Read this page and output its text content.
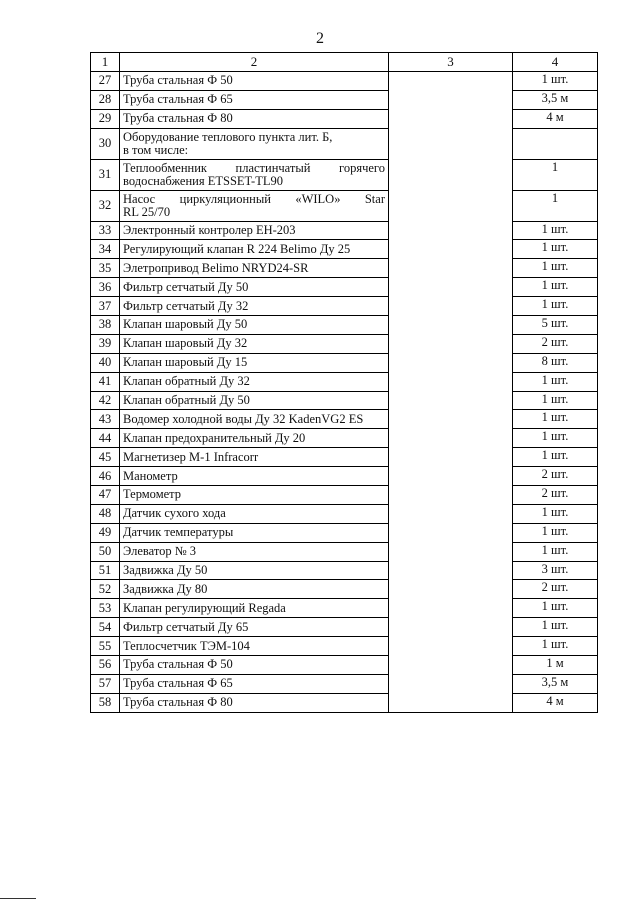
2
1	2	3	4
27	Труба стальная Ф 50		1 шт.
28	Труба стальная Ф 65		3,5 м
29	Труба стальная Ф 80		4 м
30	Оборудование теплового пункта лит. Б,
в том числе:		

31	Теплообменник пластинчатый горячего
водоснабжения ETSSET-TL90		1
32	Насос циркуляционный «WILO» Star
RL 25/70		1
33	Электронный контролер ЕН-203		1 шт.
34	Регулирующий клапан R 224 Belimo Ду 25		1 шт.
35	Элетропривод Belimo NRYD24-SR		1 шт.
36	Фильтр сетчатый Ду 50		1 шт.
37	Фильтр сетчатый Ду 32		1 шт.
38	Клапан шаровый Ду 50		5 шт.
39	Клапан шаровый Ду 32		2 шт.
40	Клапан шаровый Ду 15		8 шт.
41	Клапан обратный Ду 32		1 шт.
42	Клапан обратный Ду 50		1 шт.
43	Водомер холодной воды Ду 32 KadenVG2 ES		1 шт.
44	Клапан предохранительный Ду 20		1 шт.
45	Магнетизер М-1 Infracorr		1 шт.
46	Манометр		2 шт.
47	Термометр		2 шт.
48	Датчик сухого хода		1 шт.
49	Датчик температуры		1 шт.
50	Элеватор № 3		1 шт.
51	Задвижка Ду 50		3 шт.
52	Задвижка Ду 80		2 шт.
53	Клапан регулирующий Regada		1 шт.
54	Фильтр сетчатый Ду 65		1 шт.
55	Теплосчетчик ТЭМ-104		1 шт.
56	Труба стальная Ф 50		1 м
57	Труба стальная Ф 65		3,5 м
58	Труба стальная Ф 80		4 м
